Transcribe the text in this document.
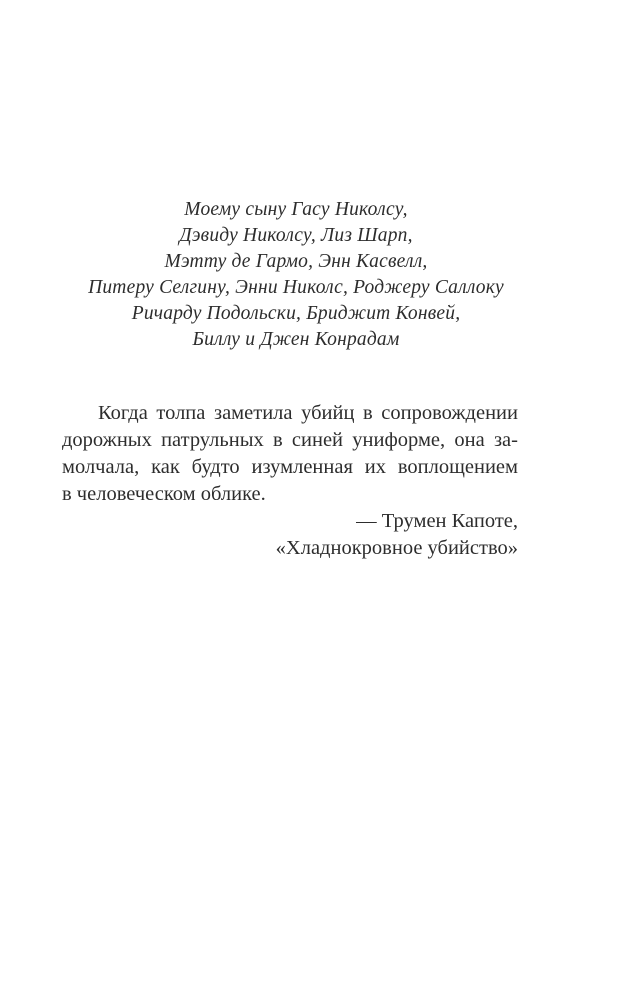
Моему сыну Гасу Николсу,
Дэвиду Николсу, Лиз Шарп,
Мэтту де Гармо, Энн Касвелл,
Питеру Селгину, Энни Николс, Роджеру Саллоку
Ричарду Подольски, Бриджит Конвей,
Биллу и Джен Конрадам
Когда толпа заметила убийц в сопровождении
дорожных патрульных в синей униформе, она за-
молчала, как будто изумленная их воплощением
в человеческом облике.
— Трумен Капоте,
«Хладнокровное убийство»
